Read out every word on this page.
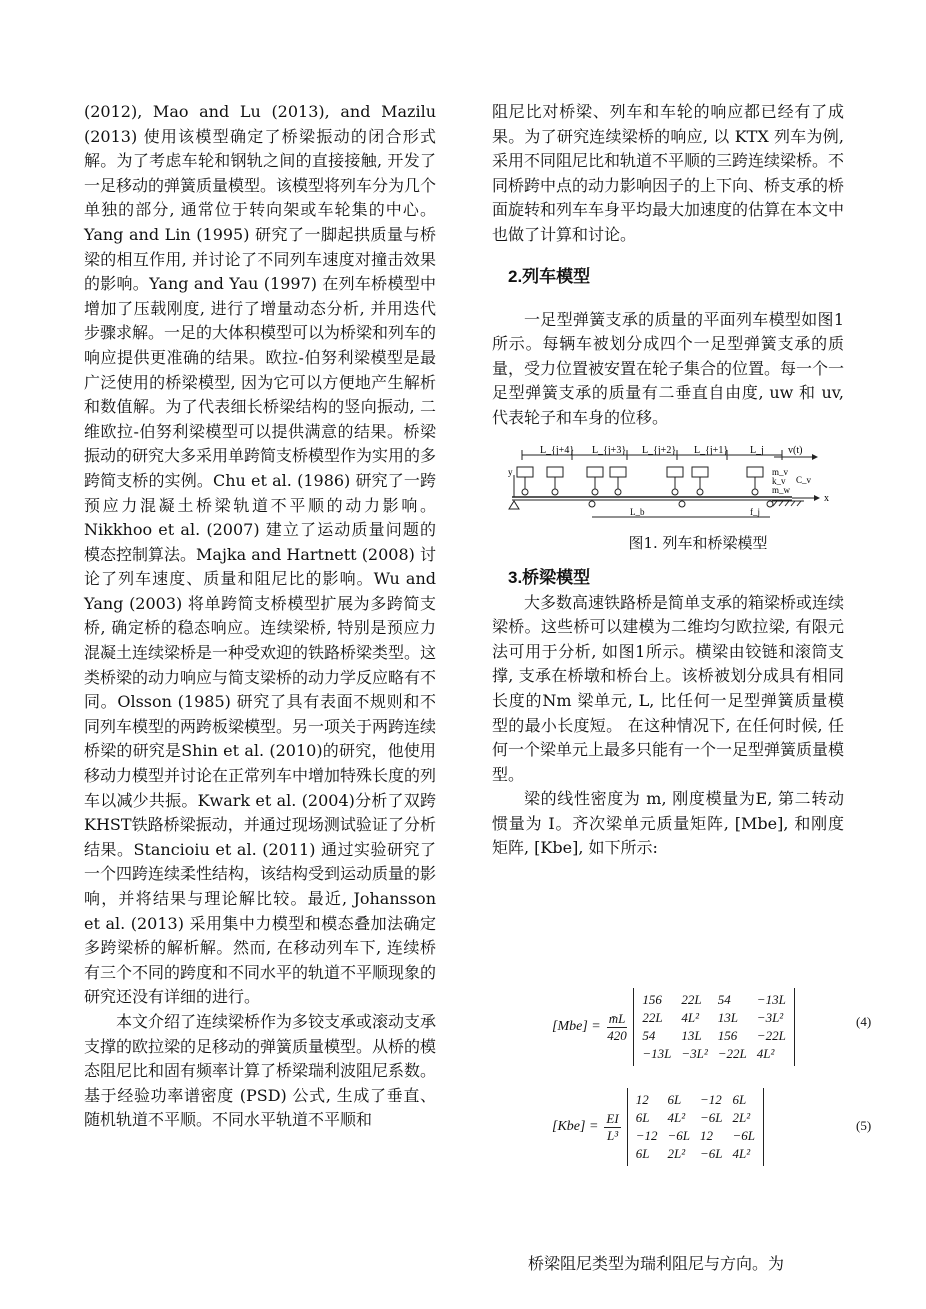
(2012), Mao and Lu (2013), and Mazilu (2013) 使用该模型确定了桥梁振动的闭合形式解。为了考虑车轮和钢轨之间的直接接触, 开发了一足移动的弹簧质量模型。该模型将列车分为几个单独的部分, 通常位于转向架或车轮集的中心。Yang and Lin (1995) 研究了一脚起拱质量与桥梁的相互作用, 并讨论了不同列车速度对撞击效果的影响。Yang and Yau (1997) 在列车桥模型中增加了压载刚度, 进行了增量动态分析, 并用迭代步骤求解。一足的大体积模型可以为桥梁和列车的响应提供更准确的结果。欧拉-伯努利梁模型是最广泛使用的桥梁模型, 因为它可以方便地产生解析和数值解。为了代表细长桥梁结构的竖向振动, 二维欧拉-伯努利梁模型可以提供满意的结果。桥梁振动的研究大多采用单跨简支桥模型作为实用的多跨简支桥的实例。Chu et al. (1986) 研究了一跨预应力混凝土桥梁轨道不平顺的动力影响。Nikkhoo et al. (2007) 建立了运动质量问题的模态控制算法。Majka and Hartnett (2008) 讨论了列车速度、质量和阻尼比的影响。Wu and Yang (2003) 将单跨简支桥模型扩展为多跨简支桥, 确定桥的稳态响应。连续梁桥, 特别是预应力混凝土连续梁桥是一种受欢迎的铁路桥梁类型。这类桥梁的动力响应与简支梁桥的动力学反应略有不同。Olsson (1985) 研究了具有表面不规则和不同列车模型的两跨板梁模型。另一项关于两跨连续桥梁的研究是Shin et al. (2010)的研究，他使用移动力模型并讨论在正常列车中增加特殊长度的列车以减少共振。Kwark et al. (2004)分析了双跨KHST铁路桥梁振动，并通过现场测试验证了分析结果。Stancioiu et al. (2011) 通过实验研究了一个四跨连续柔性结构，该结构受到运动质量的影响，并将结果与理论解比较。最近, Johansson et al. (2013) 采用集中力模型和模态叠加法确定多跨梁桥的解析解。然而, 在移动列车下, 连续桥有三个不同的跨度和不同水平的轨道不平顺现象的研究还没有详细的进行。

本文介绍了连续梁桥作为多铰支承或滚动支承支撑的欧拉梁的足移动的弹簧质量模型。从桥的模态阻尼比和固有频率计算了桥梁瑞利波阻尼系数。基于经验功率谱密度 (PSD) 公式, 生成了垂直、随机轨道不平顺。不同水平轨道不平顺和

阻尼比对桥梁、列车和车轮的响应都已经有了成果。为了研究连续梁桥的响应, 以 KTX 列车为例, 采用不同阻尼比和轨道不平顺的三跨连续梁桥。不同桥跨中点的动力影响因子的上下向、桥支承的桥面旋转和列车车身平均最大加速度的估算在本文中也做了计算和讨论。

2.列车模型

一足型弹簧支承的质量的平面列车模型如图1所示。每辆车被划分成四个一足型弹簧支承的质量，受力位置被安置在轮子集合的位置。每一个一足型弹簧支承的质量有二垂直自由度, uw 和 uv, 代表轮子和车身的位移。

L_{j+4} L_{j+3} L_{j+2} L_{j+1} L_j v(t)
m_v
k_v
m_w
C_v
y
x
L_b	f_j
图1. 列车和桥梁模型
3.桥梁模型

大多数高速铁路桥是简单支承的箱梁桥或连续梁桥。这些桥可以建模为二维均匀欧拉梁, 有限元法可用于分析, 如图1所示。横梁由铰链和滚筒支撑, 支承在桥墩和桥台上。该桥被划分成具有相同长度的Nm 梁单元, L, 比任何一足型弹簧质量模型的最小长度短。 在这种情况下, 在任何时候, 任何一个梁单元上最多只能有一个一足型弹簧质量模型。

梁的线性密度为 m, 刚度模量为E, 第二转动惯量为 I。齐次梁单元质量矩阵, [Mbe], 和刚度矩阵, [Kbe], 如下所示:

$[Mbe] = \frac{m̄L}{420}$
156	22L	54	−13L
22L	4L²	13L	−3L²
54	13L	156	−22L
−13L −3L² −22L 4L²
(4)
$[Kbe] = \frac{EI}{\text{L³}}$
12	6L	−12 6L
6L	4L²	−6L 2L²
−12 −6L 12	−6L
6L	2L²	−6L 4L²
(5)

桥梁阻尼类型为瑞利阻尼与方向。为
